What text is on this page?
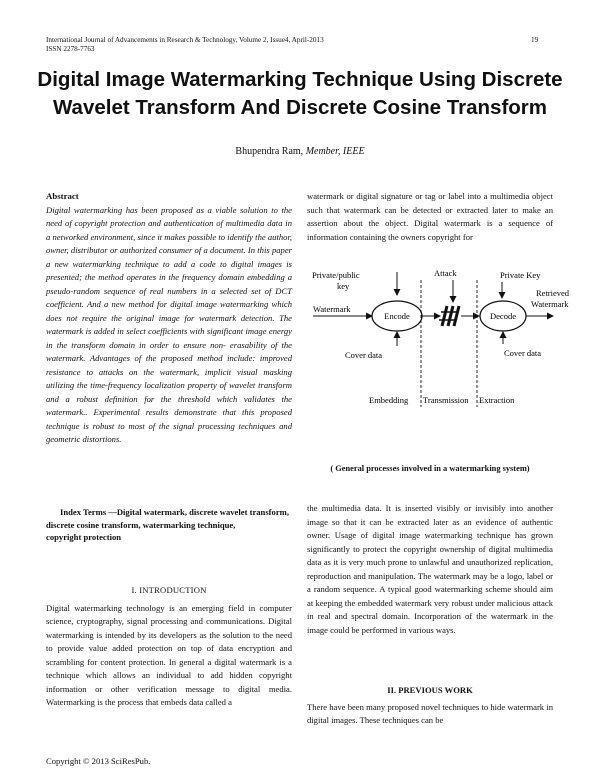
International Journal of Advancements in Research & Technology, Volume 2, Issue4, April-2013
ISSN 2278-7763
19
Digital Image Watermarking Technique Using Discrete
Wavelet Transform And Discrete Cosine Transform
Bhupendra Ram, Member, IEEE
Abstract

Digital watermarking has been proposed as a viable solution to the need of copyright protection and authentication of multimedia data in a networked environment, since it makes possible to identify the author, owner, distributor or authorized consumer of a document. In this paper a new watermarking technique to add a code to digital images is presented; the method operates in the frequency domain embedding a pseudo-random sequence of real numbers in a selected set of DCT coefficient. And a new method for digital image watermarking which does not require the original image for watermark detection. The watermark is added in select coefficients with significant image energy in the transform domain in order to ensure non- erasability of the watermark. Advantages of the proposed method include: improved resistance to attacks on the watermark, implicit visual masking utilizing the time-frequency localization property of wavelet transform and a robust definition for the threshold which validates the watermark.. Experimental results demonstrate that this proposed technique is robust to most of the signal processing techniques and geometric distortions.

Index Terms —Digital watermark, discrete wavelet transform,
discrete cosine transform, watermarking technique,
copyright protection
I. INTRODUCTION

Digital watermarking technology is an emerging field in computer science, cryptography, signal processing and communications. Digital watermarking is intended by its developers as the solution to the need to provide value added protection on top of data encryption and scrambling for content protection. In general a digital watermark is a technique which allows an individual to add hidden copyright information or other verification message to digital media. Watermarking is the process that embeds data called a

watermark or digital signature or tag or label into a multimedia object such that watermark can be detected or extracted later to make an assertion about the object. Digital watermark is a sequence of information containing the owners copyright for

Private/public
key
Attack	Private Key
Watermark
Encode	Decode
Retrieved
Watermark
Cover data	Cover data
Embedding Transmission Extraction
( General processes involved in a watermarking system)

the multimedia data. It is inserted visibly or invisibly into another image so that it can be extracted later as an evidence of authentic owner. Usage of digital image watermarking technique has grown significantly to protect the copyright ownership of digital multimedia data as it is very much prone to unlawful and unauthorized replication, reproduction and manipulation. The watermark may be a logo, label or a random sequence. A typical good watermarking scheme should aim at keeping the embedded watermark very robust under malicious attack in real and spectral domain. Incorporation of the watermark in the image could be performed in various ways.

II. PREVIOUS WORK

There have been many proposed novel techniques to hide watermark in digital images. These techniques can be

Copyright © 2013 SciResPub.
